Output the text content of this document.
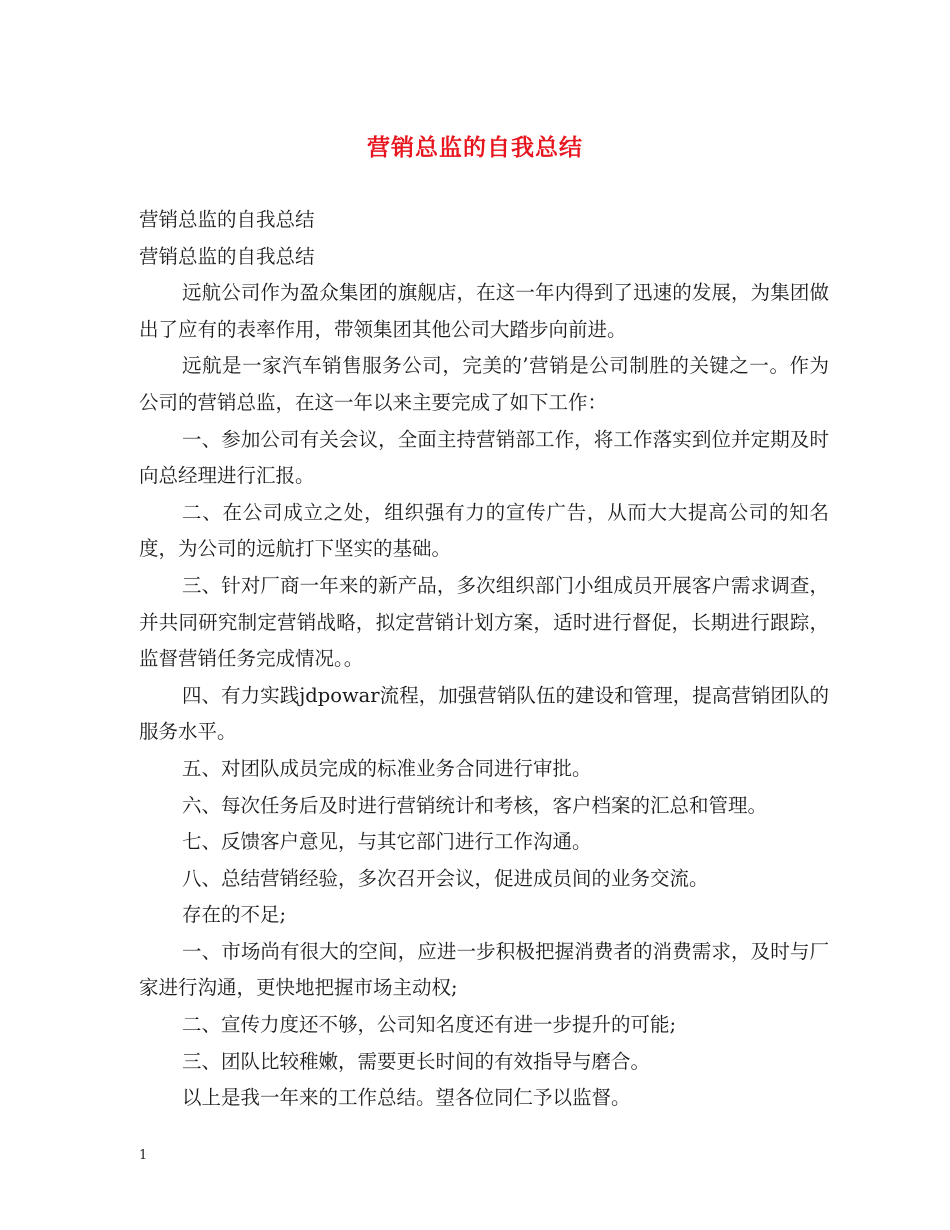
营销总监的自我总结

营销总监的自我总结

营销总监的自我总结

远航公司作为盈众集团的旗舰店，在这一年内得到了迅速的发展，为集团做出了应有的表率作用，带领集团其他公司大踏步向前进。

远航是一家汽车销售服务公司，完美的’营销是公司制胜的关键之一。作为公司的营销总监，在这一年以来主要完成了如下工作：

一、参加公司有关会议，全面主持营销部工作，将工作落实到位并定期及时向总经理进行汇报。

二、在公司成立之处，组织强有力的宣传广告，从而大大提高公司的知名度，为公司的远航打下坚实的基础。

三、针对厂商一年来的新产品，多次组织部门小组成员开展客户需求调查，并共同研究制定营销战略，拟定营销计划方案，适时进行督促，长期进行跟踪，监督营销任务完成情况。。

四、有力实践jdpowar流程，加强营销队伍的建设和管理，提高营销团队的服务水平。

五、对团队成员完成的标准业务合同进行审批。

六、每次任务后及时进行营销统计和考核，客户档案的汇总和管理。

七、反馈客户意见，与其它部门进行工作沟通。

八、总结营销经验，多次召开会议，促进成员间的业务交流。

存在的不足;

一、市场尚有很大的空间，应进一步积极把握消费者的消费需求，及时与厂家进行沟通，更快地把握市场主动权;

二、宣传力度还不够，公司知名度还有进一步提升的可能;

三、团队比较稚嫩，需要更长时间的有效指导与磨合。

以上是我一年来的工作总结。望各位同仁予以监督。

1
